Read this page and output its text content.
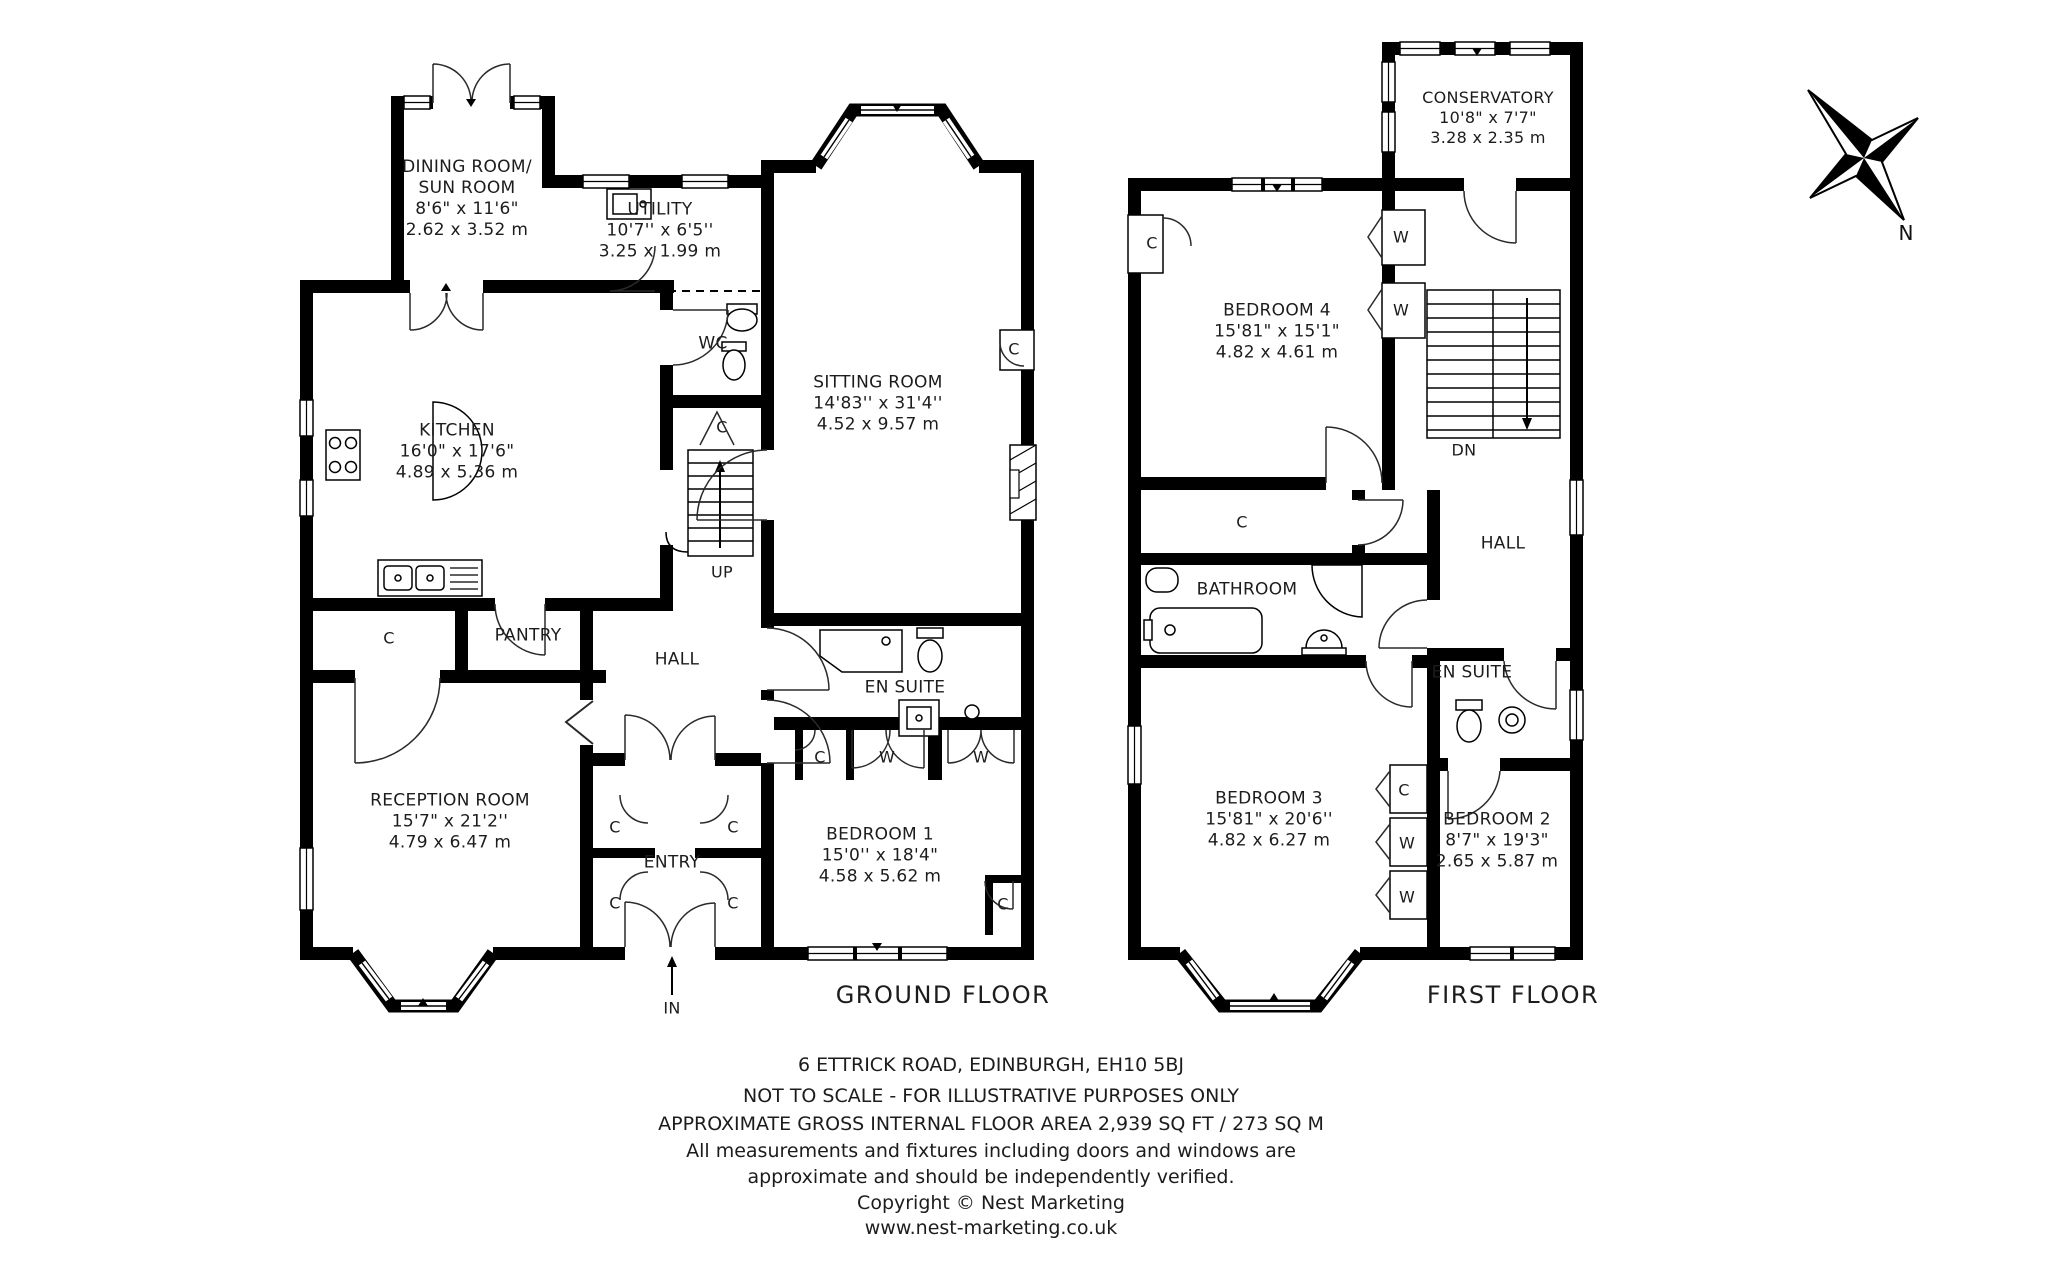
DINING ROOM/
SUN ROOM
8'6" x 11'6"
2.62 x 3.52 m
UTILITY
10'7'' x 6'5''
3.25 x 1.99 m
WC
KITCHEN
16'0" x 17'6"
4.89 x 5.36 m
SITTING ROOM
14'83'' x 31'4''
4.52 x 9.57 m
C	PANTRY
HALL
UP
C
EN SUITE
C	W	W
BEDROOM 1
15'0'' x 18'4"
4.58 x 5.62 m
RECEPTION ROOM
15'7" x 21'2''
4.79 x 6.47 m
ENTRY
C	C
C	C	C
C
IN	GROUND FLOOR
CONSERVATORY
10'8" x 7'7"
3.28 x 2.35 m
BEDROOM 4
15'81" x 15'1"
4.82 x 4.61 m
C	W
W
DN
HALL
C
BATHROOM
EN SUITE
BEDROOM 3
15'81" x 20'6''
4.82 x 6.27 m
C
W
W
BEDROOM 2
8'7" x 19'3"
2.65 x 5.87 m
FIRST FLOOR
N
6 ETTRICK ROAD, EDINBURGH, EH10 5BJ
NOT TO SCALE - FOR ILLUSTRATIVE PURPOSES ONLY
APPROXIMATE GROSS INTERNAL FLOOR AREA 2,939 SQ FT / 273 SQ M
All measurements and fixtures including doors and windows are
approximate and should be independently verified.
Copyright © Nest Marketing
www.nest-marketing.co.uk
